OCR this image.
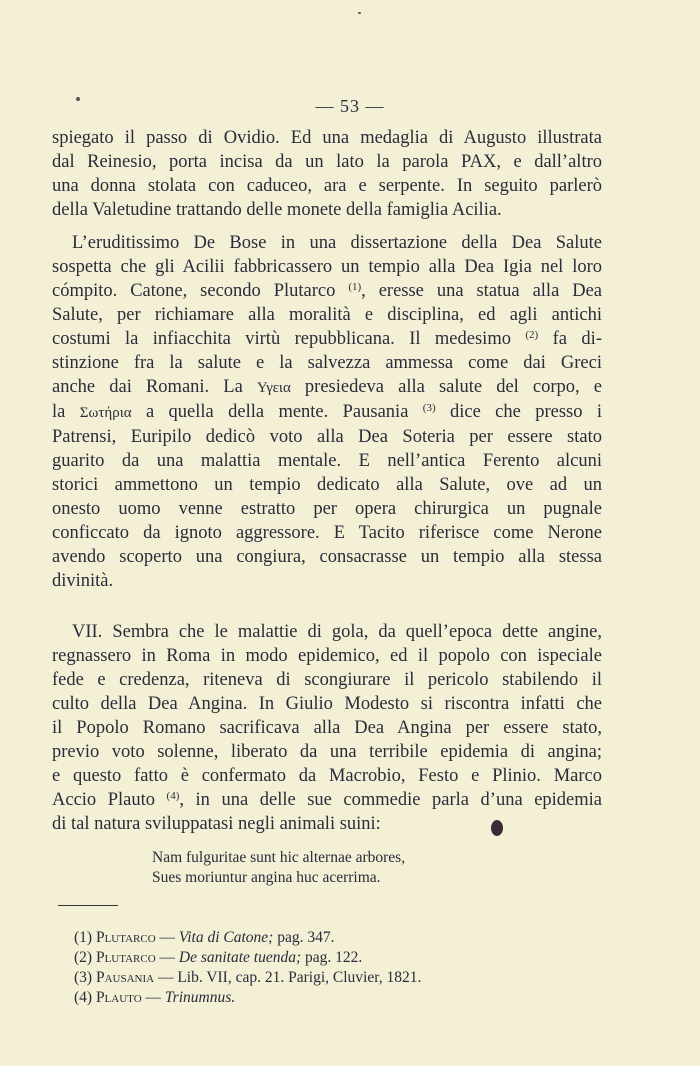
— 53 —
spiegato il passo di Ovidio. Ed una medaglia di Augusto illustrata
dal Reinesio, porta incisa da un lato la parola PAX, e dall’altro
una donna stolata con caduceo, ara e serpente. In seguito parlerò
della Valetudine trattando delle monete della famiglia Acilia.
L’eruditissimo De Bose in una dissertazione della Dea Salute
sospetta che gli Acilii fabbricassero un tempio alla Dea Igia nel loro
cómpito. Catone, secondo Plutarco $^{(1)}$, eresse una statua alla Dea
Salute, per richiamare alla moralità e disciplina, ed agli antichi
costumi la infiacchita virtù repubblicana. Il medesimo $^{(2)}$ fa di-
stinzione fra la salute e la salvezza ammessa come dai Greci
anche dai Romani. La Υγεια presiedeva alla salute del corpo, e
la Σωτήρια a quella della mente. Pausania $^{(3)}$ dice che presso i
Patrensi, Euripilo dedicò voto alla Dea Soteria per essere stato
guarito da una malattia mentale. E nell’antica Ferento alcuni
storici ammettono un tempio dedicato alla Salute, ove ad un
onesto uomo venne estratto per opera chirurgica un pugnale
conficcato da ignoto aggressore. E Tacito riferisce come Nerone
avendo scoperto una congiura, consacrasse un tempio alla stessa
divinità.
VII. Sembra che le malattie di gola, da quell’epoca dette angine,
regnassero in Roma in modo epidemico, ed il popolo con ispeciale
fede e credenza, riteneva di scongiurare il pericolo stabilendo il
culto della Dea Angina. In Giulio Modesto si riscontra infatti che
il Popolo Romano sacrificava alla Dea Angina per essere stato,
previo voto solenne, liberato da una terribile epidemia di angina;
e questo fatto è confermato da Macrobio, Festo e Plinio. Marco
Accio Plauto $^{(4)}$, in una delle sue commedie parla d’una epidemia
di tal natura sviluppatasi negli animali suini:
Nam fulguritae sunt hic alternae arbores,
Sues moriuntur angina huc acerrima.
(1) Plutarco — Vita di Catone; pag. 347.
(2) Plutarco — De sanitate tuenda; pag. 122.
(3) Pausania — Lib. VII, cap. 21. Parigi, Cluvier, 1821.
(4) Plauto — Trinumnus.
